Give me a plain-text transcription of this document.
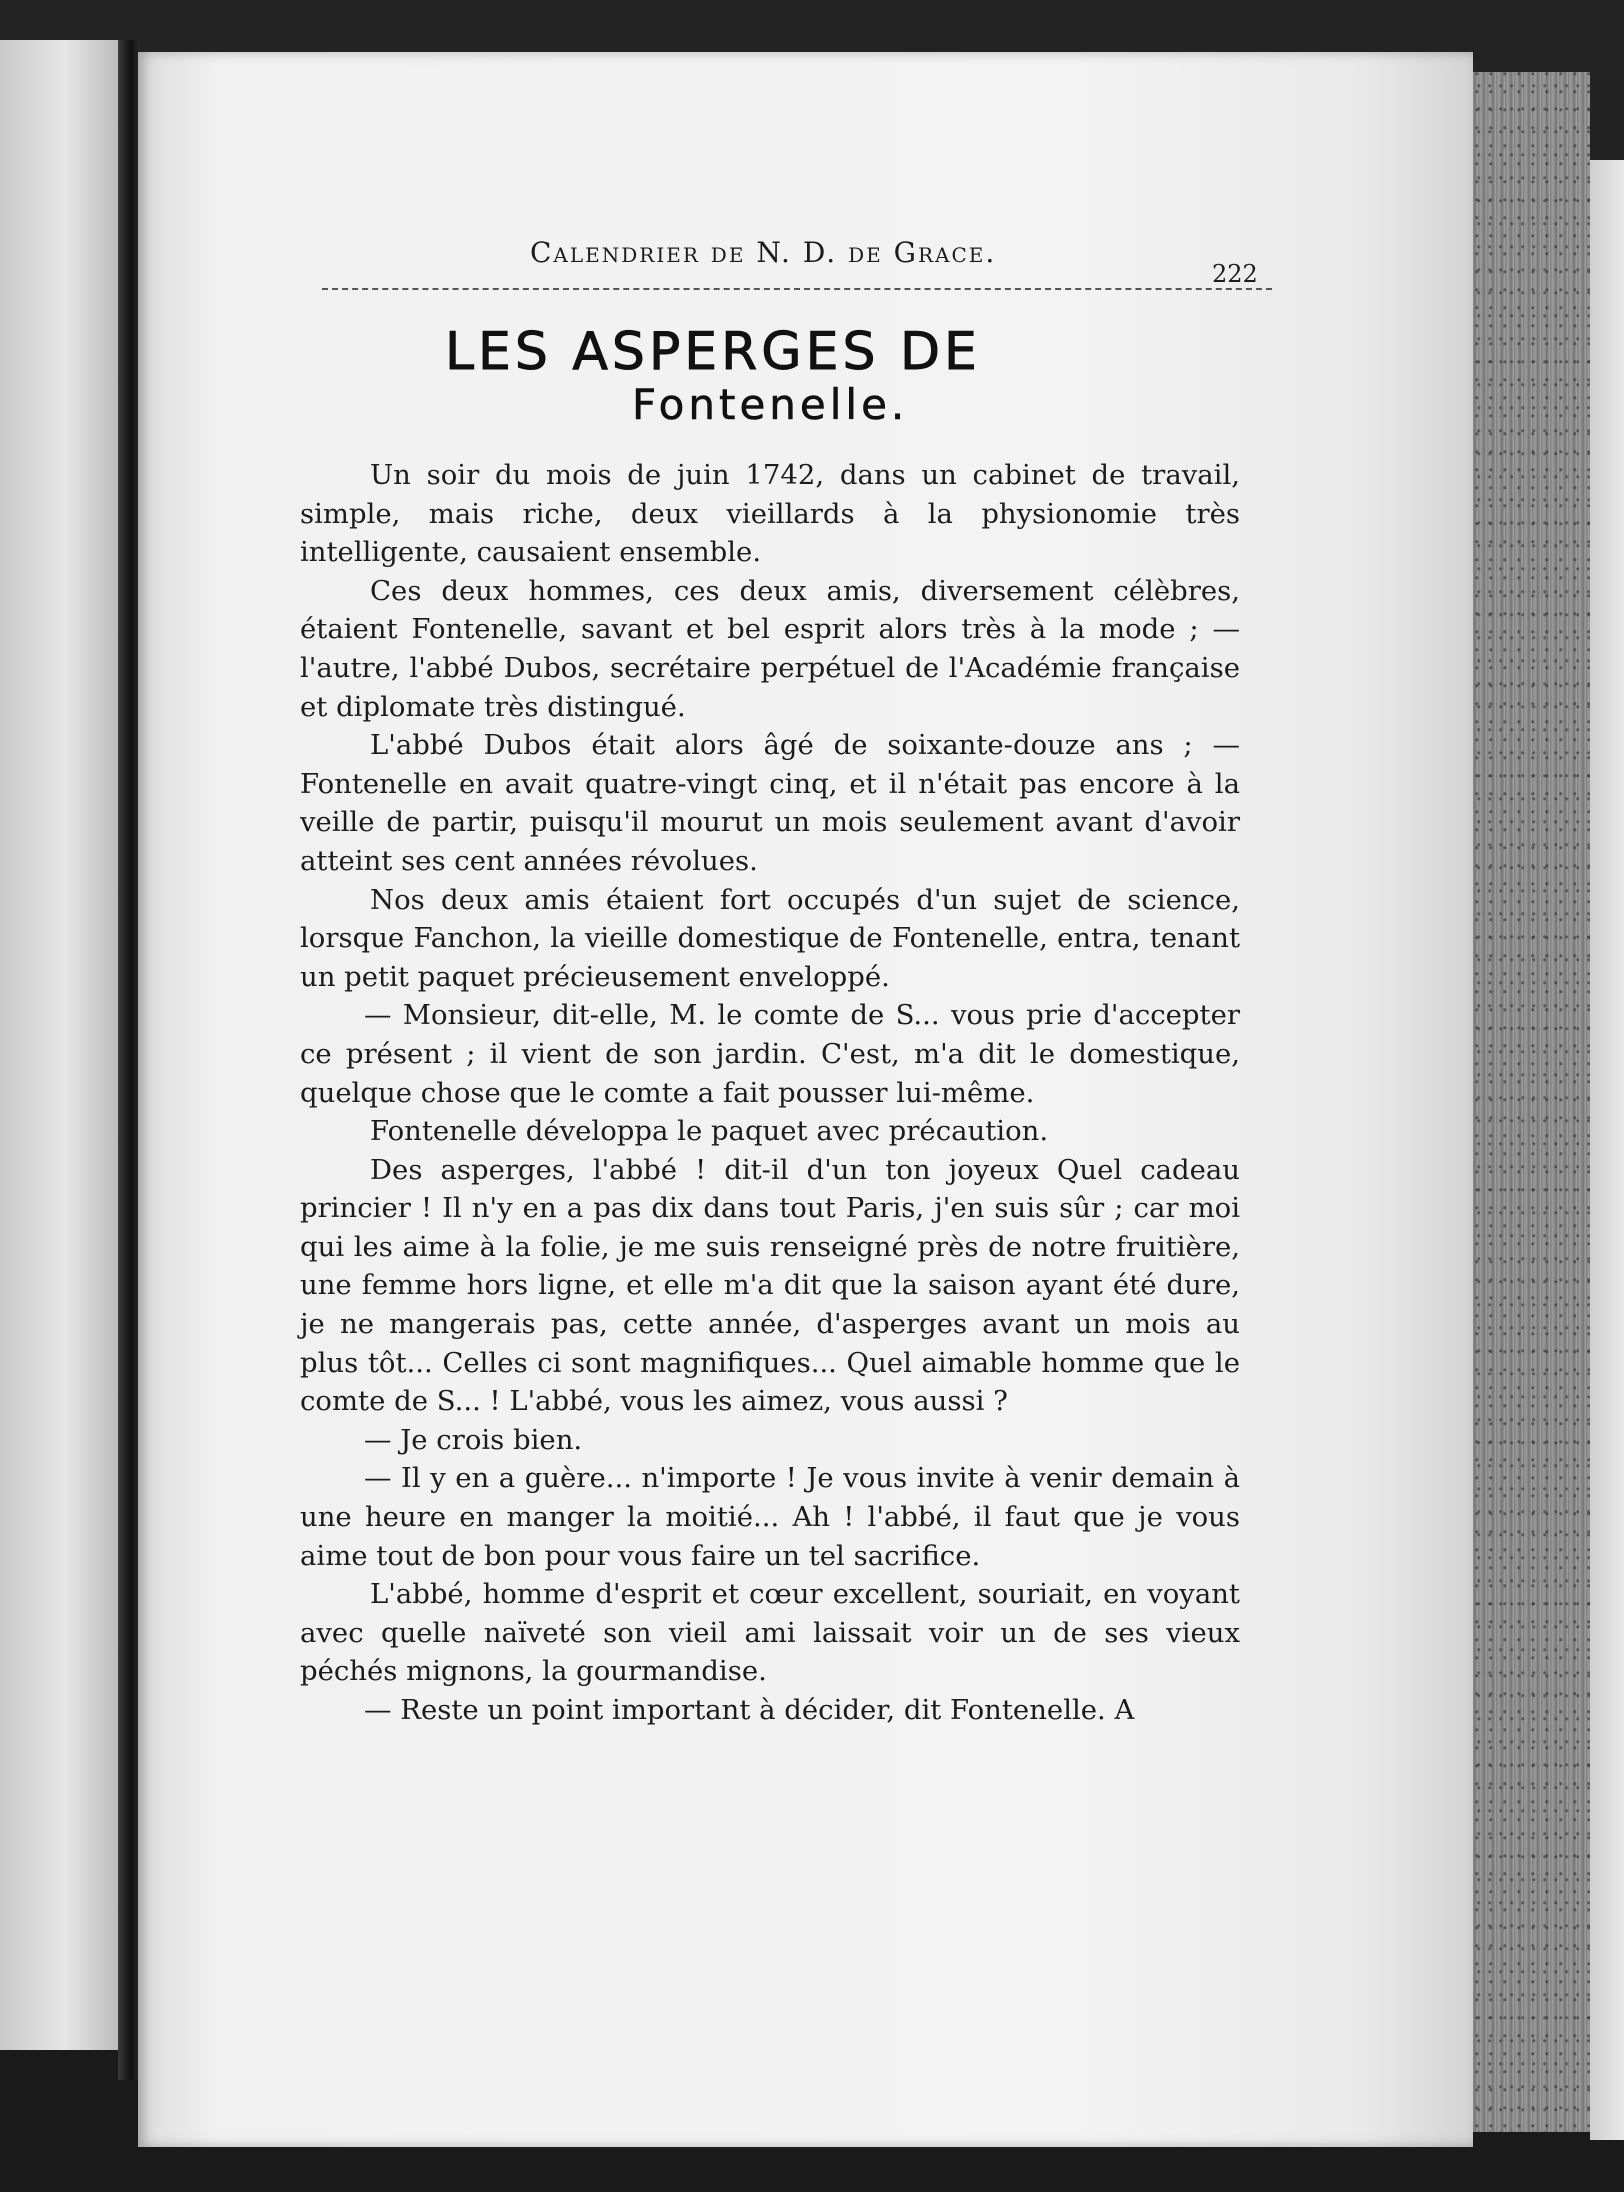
Calendrier de N. D. de Grace.
222
LES ASPERGES DE
Fontenelle.

Un soir du mois de juin 1742, dans un cabinet de travail, simple, mais riche, deux vieillards à la physionomie très intelligente, causaient ensemble.

Ces deux hommes, ces deux amis, diversement célèbres, étaient Fontenelle, savant et bel esprit alors très à la mode ; — l'autre, l'abbé Dubos, secrétaire perpétuel de l'Académie française et diplomate très distingué.

L'abbé Dubos était alors âgé de soixante-douze ans ; — Fontenelle en avait quatre-vingt cinq, et il n'était pas encore à la veille de partir, puisqu'il mourut un mois seulement avant d'avoir atteint ses cent années révolues.

Nos deux amis étaient fort occupés d'un sujet de science, lorsque Fanchon, la vieille domestique de Fontenelle, entra, tenant un petit paquet précieusement enveloppé.

— Monsieur, dit-elle, M. le comte de S... vous prie d'accepter ce présent ; il vient de son jardin. C'est, m'a dit le domestique, quelque chose que le comte a fait pousser lui-même.

Fontenelle développa le paquet avec précaution.

Des asperges, l'abbé ! dit-il d'un ton joyeux Quel cadeau princier ! Il n'y en a pas dix dans tout Paris, j'en suis sûr ; car moi qui les aime à la folie, je me suis renseigné près de notre fruitière, une femme hors ligne, et elle m'a dit que la saison ayant été dure, je ne mangerais pas, cette année, d'asperges avant un mois au plus tôt... Celles ci sont magnifiques... Quel aimable homme que le comte de S... ! L'abbé, vous les aimez, vous aussi ?

— Je crois bien.

— Il y en a guère... n'importe ! Je vous invite à venir demain à une heure en manger la moitié... Ah ! l'abbé, il faut que je vous aime tout de bon pour vous faire un tel sacrifice.

L'abbé, homme d'esprit et cœur excellent, souriait, en voyant avec quelle naïveté son vieil ami laissait voir un de ses vieux péchés mignons, la gourmandise.

— Reste un point important à décider, dit Fontenelle. A
